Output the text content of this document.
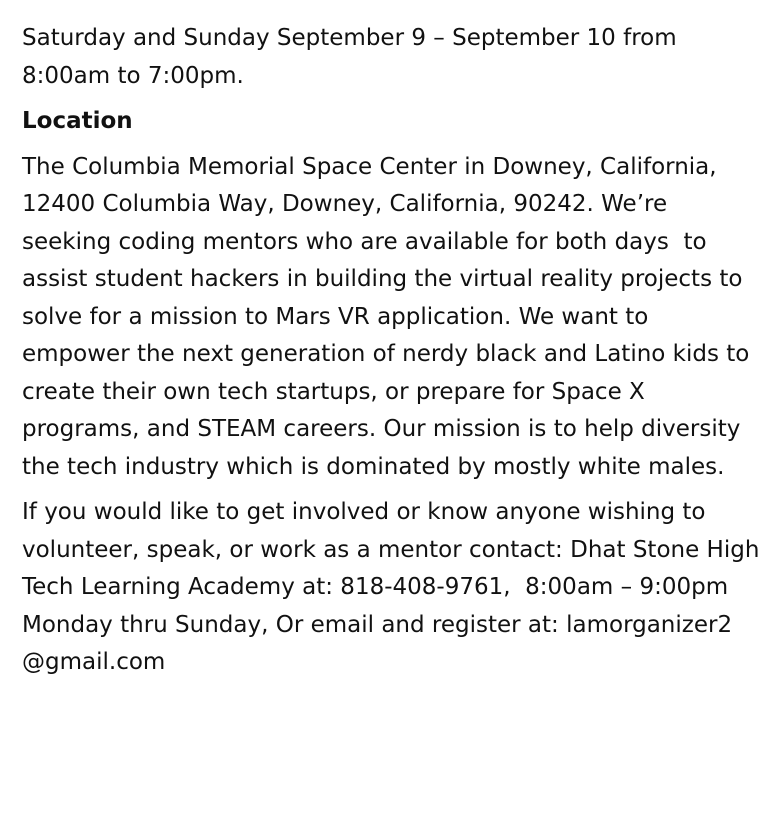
Saturday and Sunday September 9 – September 10 from
8:00am to 7:00pm.
Location
The Columbia Memorial Space Center in Downey, California,
12400 Columbia Way, Downey, California, 90242. We’re
seeking coding mentors who are available for both days  to
assist student hackers in building the virtual reality projects to
solve for a mission to Mars VR application. We want to
empower the next generation of nerdy black and Latino kids to
create their own tech startups, or prepare for Space X
programs, and STEAM careers. Our mission is to help diversity
the tech industry which is dominated by mostly white males.
If you would like to get involved or know anyone wishing to
volunteer, speak, or work as a mentor contact: Dhat Stone High
Tech Learning Academy at: 818-408-9761,  8:00am – 9:00pm
Monday thru Sunday, Or email and register at: lamorganizer2
@gmail.com
